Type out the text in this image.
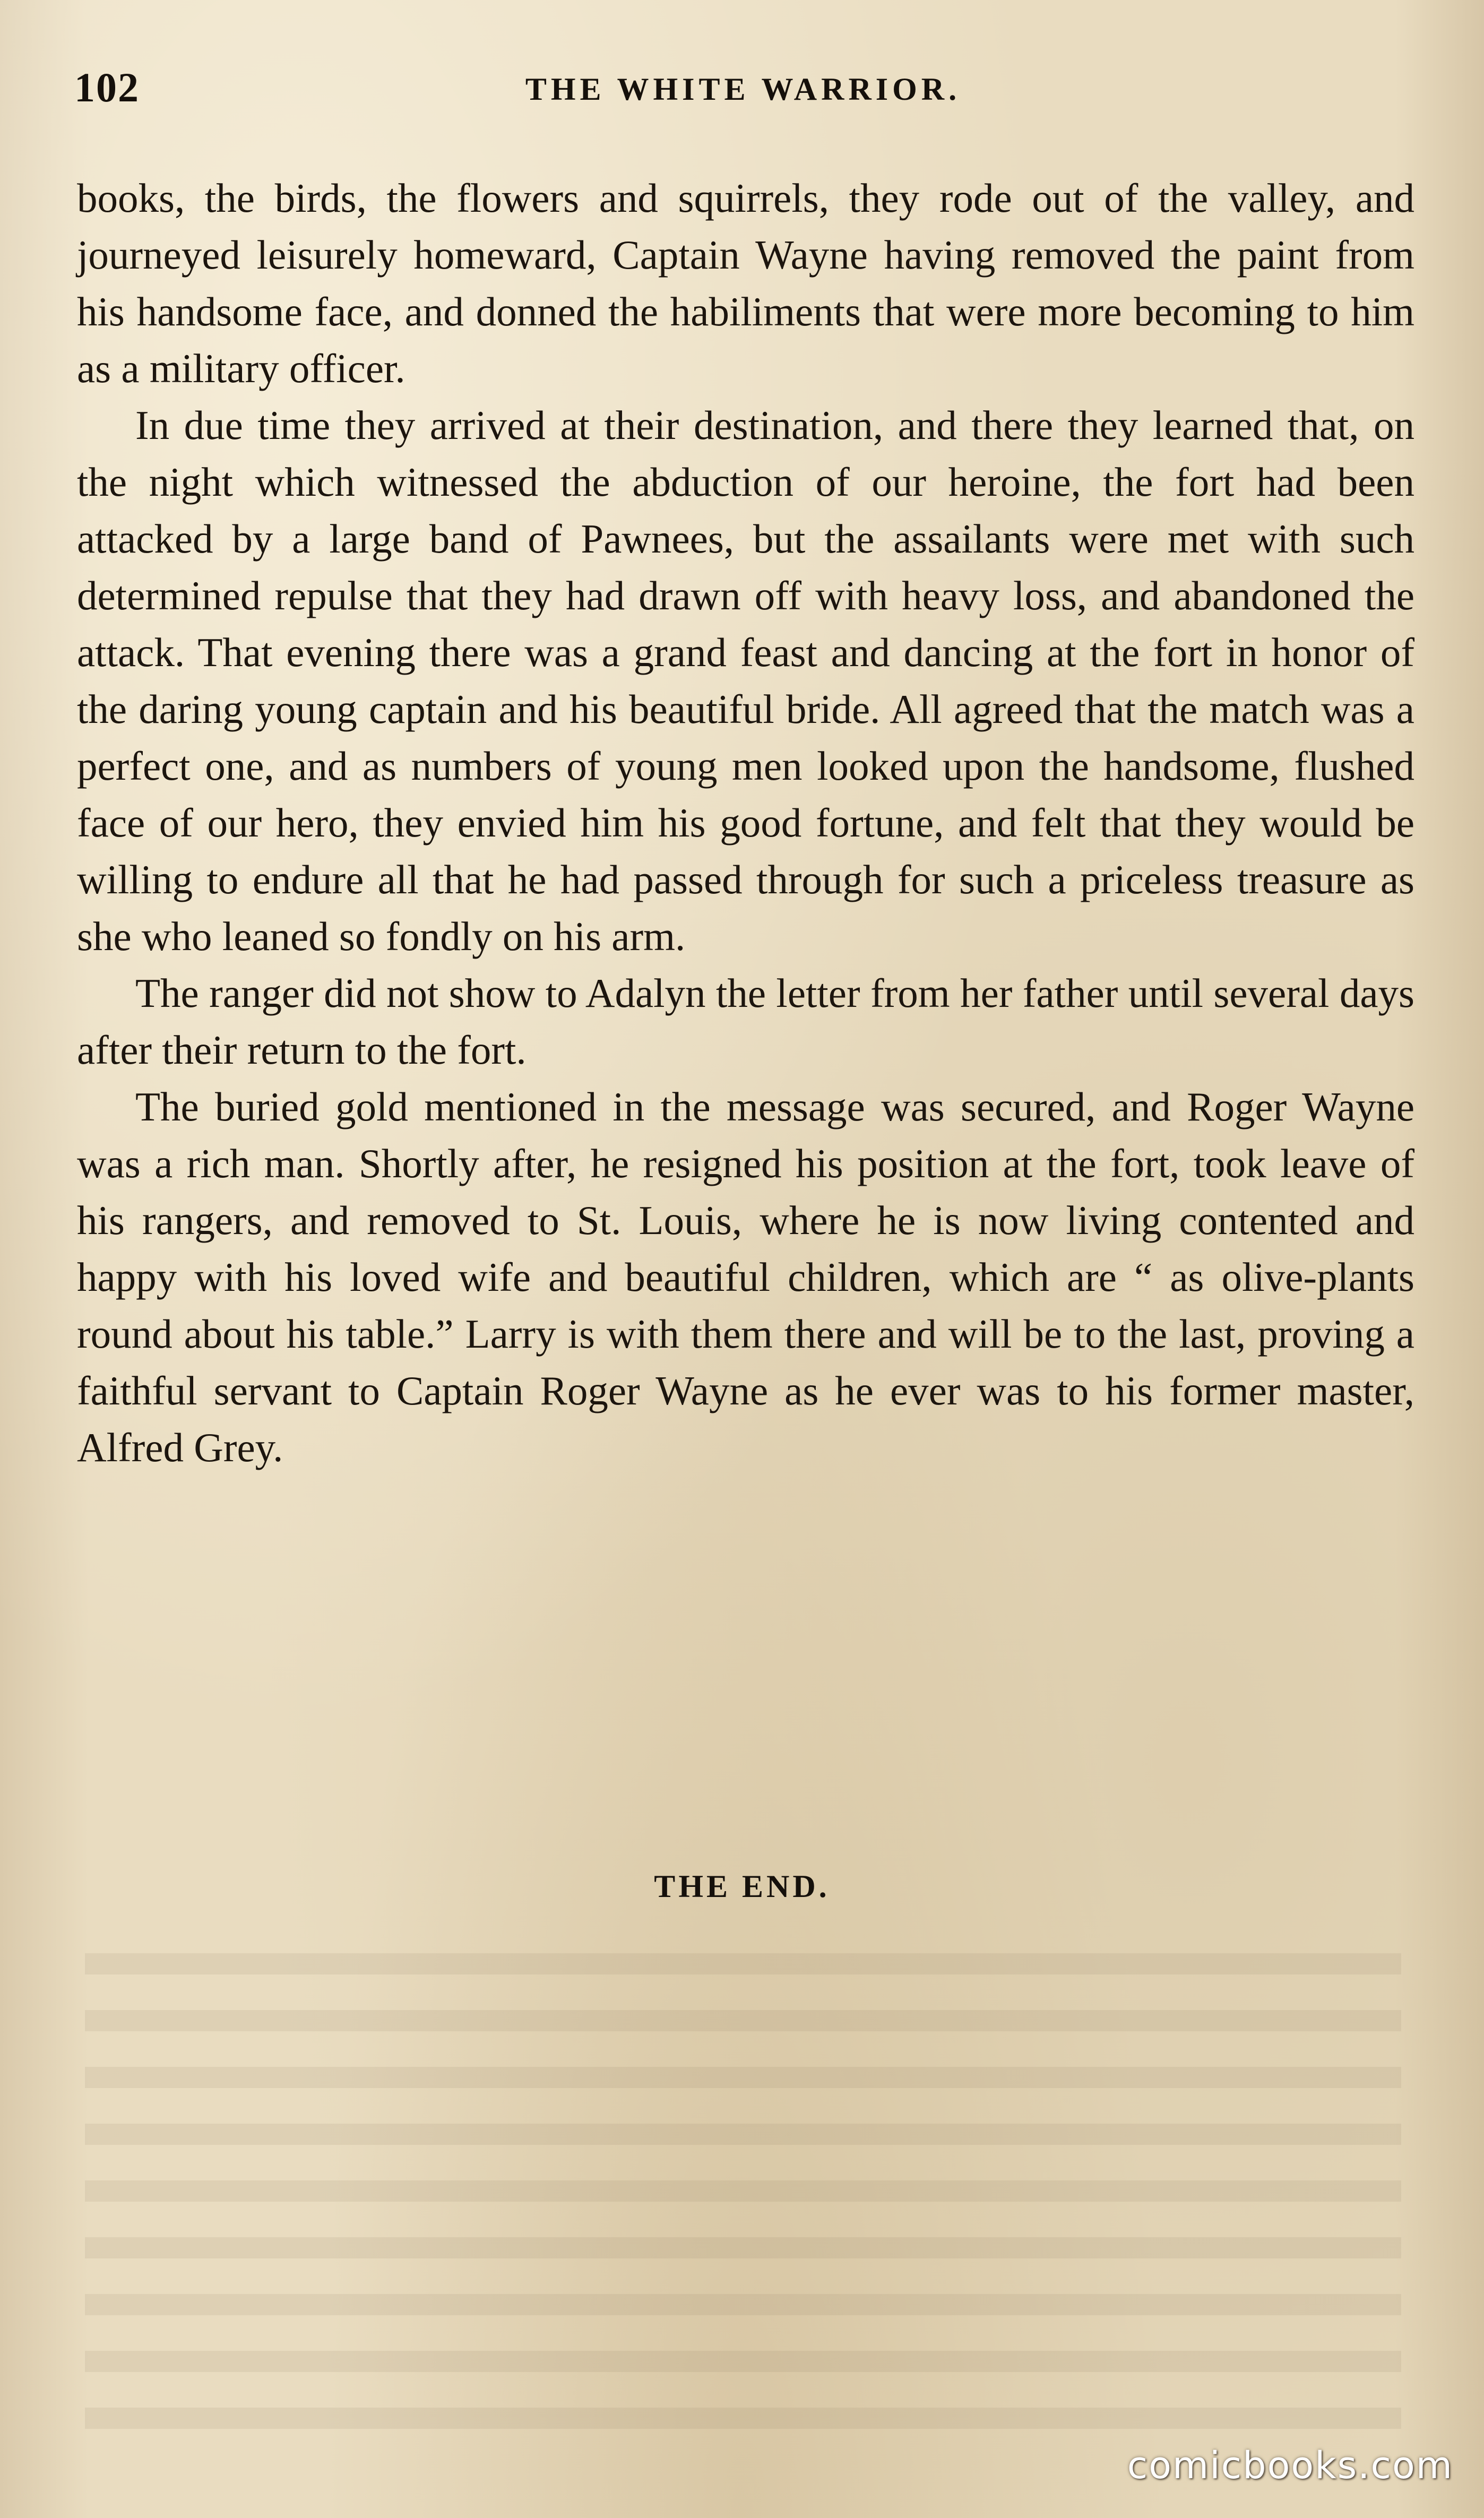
102	THE WHITE WARRIOR.

books, the birds, the flowers and squirrels, they rode out of the valley, and journeyed leisurely homeward, Captain Wayne having removed the paint from his handsome face, and donned the habiliments that were more becoming to him as a military officer.

In due time they arrived at their destination, and there they learned that, on the night which witnessed the abduction of our heroine, the fort had been attacked by a large band of Pawnees, but the assailants were met with such determined repulse that they had drawn off with heavy loss, and abandoned the attack. That evening there was a grand feast and dancing at the fort in honor of the daring young captain and his beautiful bride. All agreed that the match was a perfect one, and as numbers of young men looked upon the handsome, flushed face of our hero, they envied him his good fortune, and felt that they would be willing to endure all that he had passed through for such a priceless treasure as she who leaned so fondly on his arm.

The ranger did not show to Adalyn the letter from her father until several days after their return to the fort.

The buried gold mentioned in the message was secured, and Roger Wayne was a rich man. Shortly after, he resigned his position at the fort, took leave of his rangers, and removed to St. Louis, where he is now living contented and happy with his loved wife and beautiful children, which are “ as olive-plants round about his table.” Larry is with them there and will be to the last, proving a faithful servant to Captain Roger Wayne as he ever was to his former master, Alfred Grey.

THE END.
comicbooks.com
